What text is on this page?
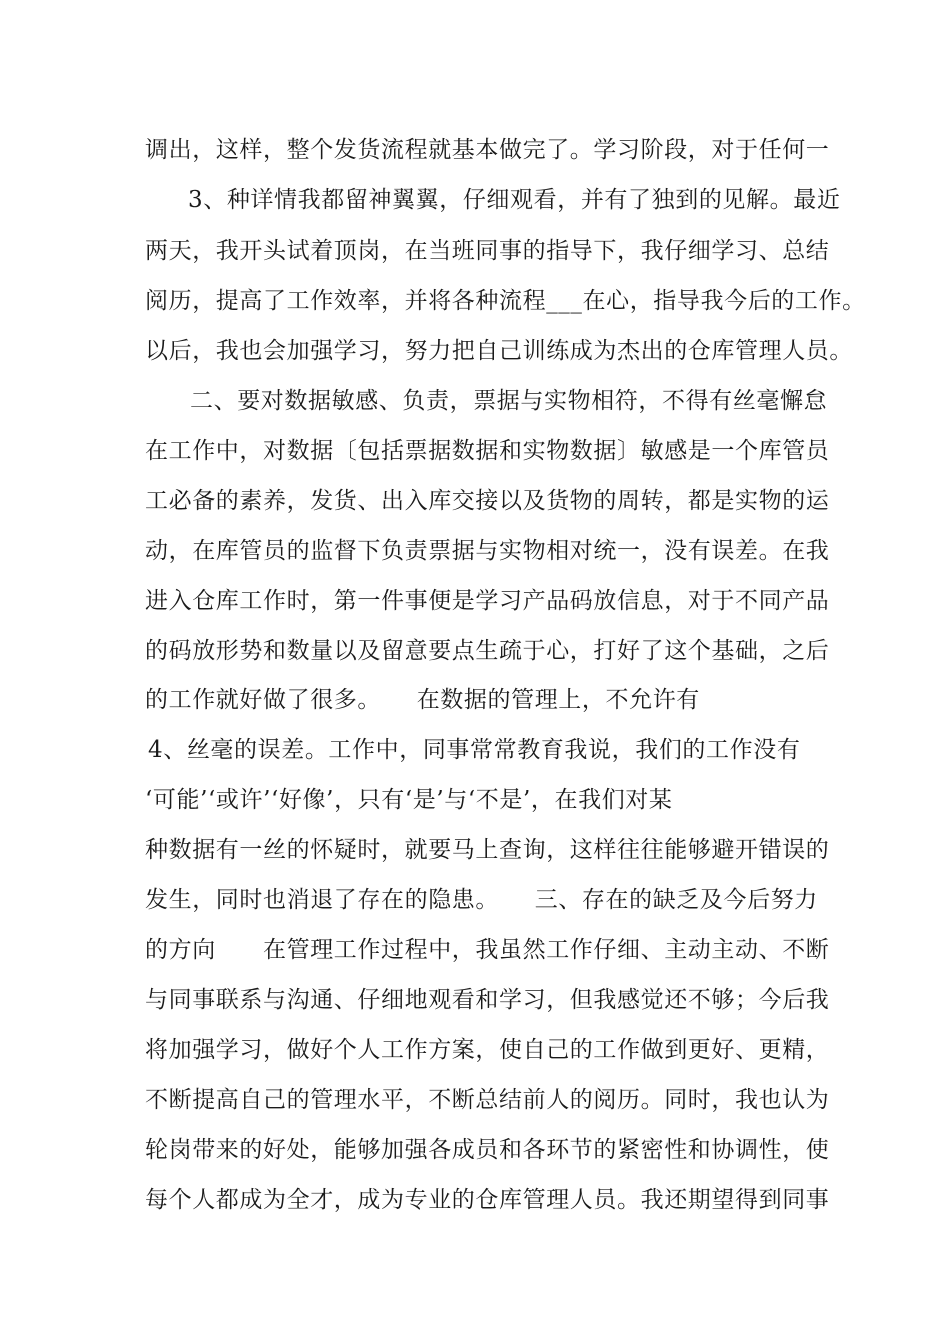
调出，这样，整个发货流程就基本做完了。学习阶段，对于任何一
3、种详情我都留神翼翼，仔细观看，并有了独到的见解。最近
两天，我开头试着顶岗，在当班同事的指导下，我仔细学习、总结
阅历，提高了工作效率，并将各种流程___在心，指导我今后的工作。
以后，我也会加强学习，努力把自己训练成为杰出的仓库管理人员。
二、要对数据敏感、负责，票据与实物相符，不得有丝毫懈怠
在工作中，对数据〔包括票据数据和实物数据〕敏感是一个库管员
工必备的素养，发货、出入库交接以及货物的周转，都是实物的运
动，在库管员的监督下负责票据与实物相对统一，没有误差。在我
进入仓库工作时，第一件事便是学习产品码放信息，对于不同产品
的码放形势和数量以及留意要点生疏于心，打好了这个基础，之后
的工作就好做了很多。　　在数据的管理上，不允许有
4、丝毫的误差。工作中，同事常常教育我说，我们的工作没有
‘可能’‘或许’‘好像’，只有‘是’与‘不是’，在我们对某
种数据有一丝的怀疑时，就要马上查询，这样往往能够避开错误的
发生，同时也消退了存在的隐患。　　三、存在的缺乏及今后努力
的方向　　在管理工作过程中，我虽然工作仔细、主动主动、不断
与同事联系与沟通、仔细地观看和学习，但我感觉还不够；今后我
将加强学习，做好个人工作方案，使自己的工作做到更好、更精，
不断提高自己的管理水平，不断总结前人的阅历。同时，我也认为
轮岗带来的好处，能够加强各成员和各环节的紧密性和协调性，使
每个人都成为全才，成为专业的仓库管理人员。我还期望得到同事
